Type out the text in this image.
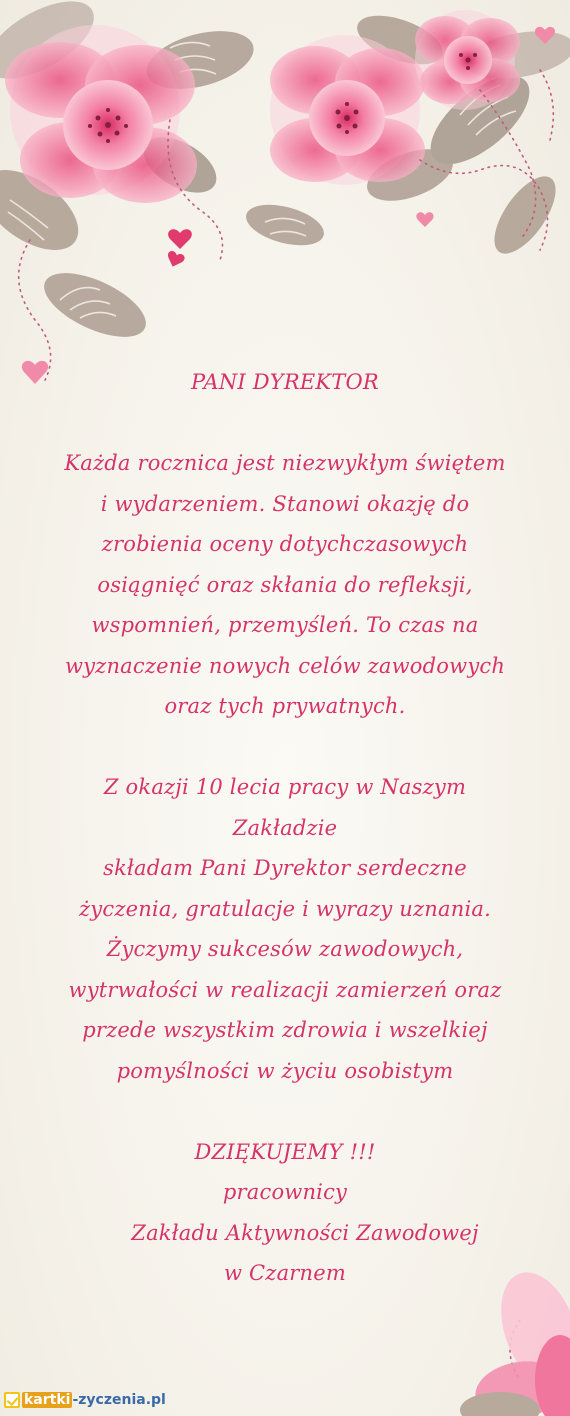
PANI DYREKTOR
Każda rocznica jest niezwykłym świętem
i wydarzeniem. Stanowi okazję do
zrobienia oceny dotychczasowych
osiągnięć oraz skłania do refleksji,
wspomnień, przemyśleń. To czas na
wyznaczenie nowych celów zawodowych
oraz tych prywatnych.
Z okazji 10 lecia pracy w Naszym
Zakładzie
składam Pani Dyrektor serdeczne
życzenia, gratulacje i wyrazy uznania.
Życzymy sukcesów zawodowych,
wytrwałości w realizacji zamierzeń oraz
przede wszystkim zdrowia i wszelkiej
pomyślności w życiu osobistym
DZIĘKUJEMY !!!
pracownicy
Zakładu Aktywności Zawodowej
w Czarnem
kartki -zyczenia.pl
